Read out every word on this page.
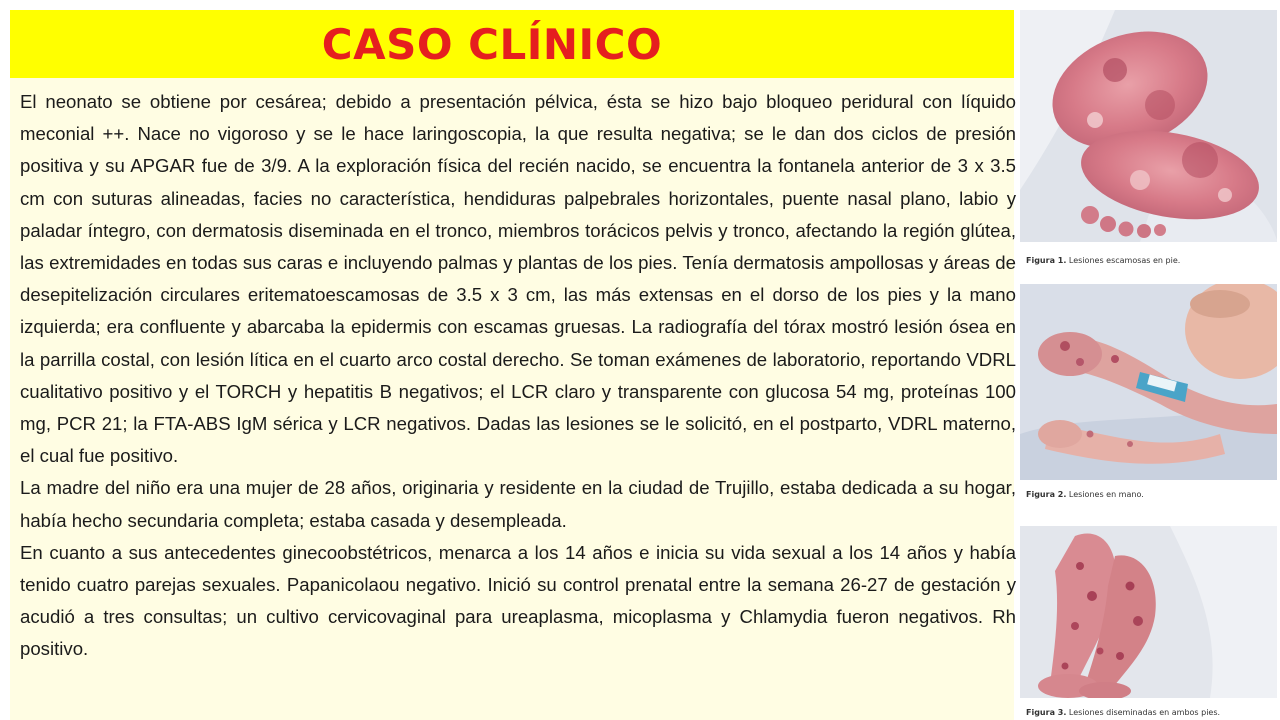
CASO CLÍNICO

El neonato se obtiene por cesárea; debido a presentación pélvica, ésta se hizo bajo bloqueo peridural con líquido meconial ++. Nace no vigoroso y se le hace laringoscopia, la que resulta negativa; se le dan dos ciclos de presión positiva y su APGAR fue de 3/9. A la exploración física del recién nacido, se encuentra la fontanela anterior de 3 x 3.5 cm con suturas alineadas, facies no característica, hendiduras palpebrales horizontales, puente nasal plano, labio y paladar íntegro, con dermatosis diseminada en el tronco, miembros torácicos pelvis y tronco, afectando la región glútea, las extremidades en todas sus caras e incluyendo palmas y plantas de los pies. Tenía dermatosis ampollosas y áreas de desepitelización circulares eritematoescamosas de 3.5 x 3 cm, las más extensas en el dorso de los pies y la mano izquierda; era confluente y abarcaba la epidermis con escamas gruesas. La radiografía del tórax mostró lesión ósea en la parrilla costal, con lesión lítica en el cuarto arco costal derecho. Se toman exámenes de laboratorio, reportando VDRL cualitativo positivo y el TORCH y hepatitis B negativos; el LCR claro y transparente con glucosa 54 mg, proteínas 100 mg, PCR 21; la FTA-ABS IgM sérica y LCR negativos. Dadas las lesiones se le solicitó, en el postparto, VDRL materno, el cual fue positivo.

La madre del niño era una mujer de 28 años, originaria y residente en la ciudad de Trujillo, estaba dedicada a su hogar, había hecho secundaria completa; estaba casada y desempleada.

En cuanto a sus antecedentes ginecoobstétricos, menarca a los 14 años e inicia su vida sexual a los 14 años y había tenido cuatro parejas sexuales. Papanicolaou negativo. Inició su control prenatal entre la semana 26-27 de gestación y acudió a tres consultas; un cultivo cervicovaginal para ureaplasma, micoplasma y Chlamydia fueron negativos. Rh positivo.

Figura 1. Lesiones escamosas en pie.
Figura 2. Lesiones en mano.
Figura 3. Lesiones diseminadas en ambos pies.
